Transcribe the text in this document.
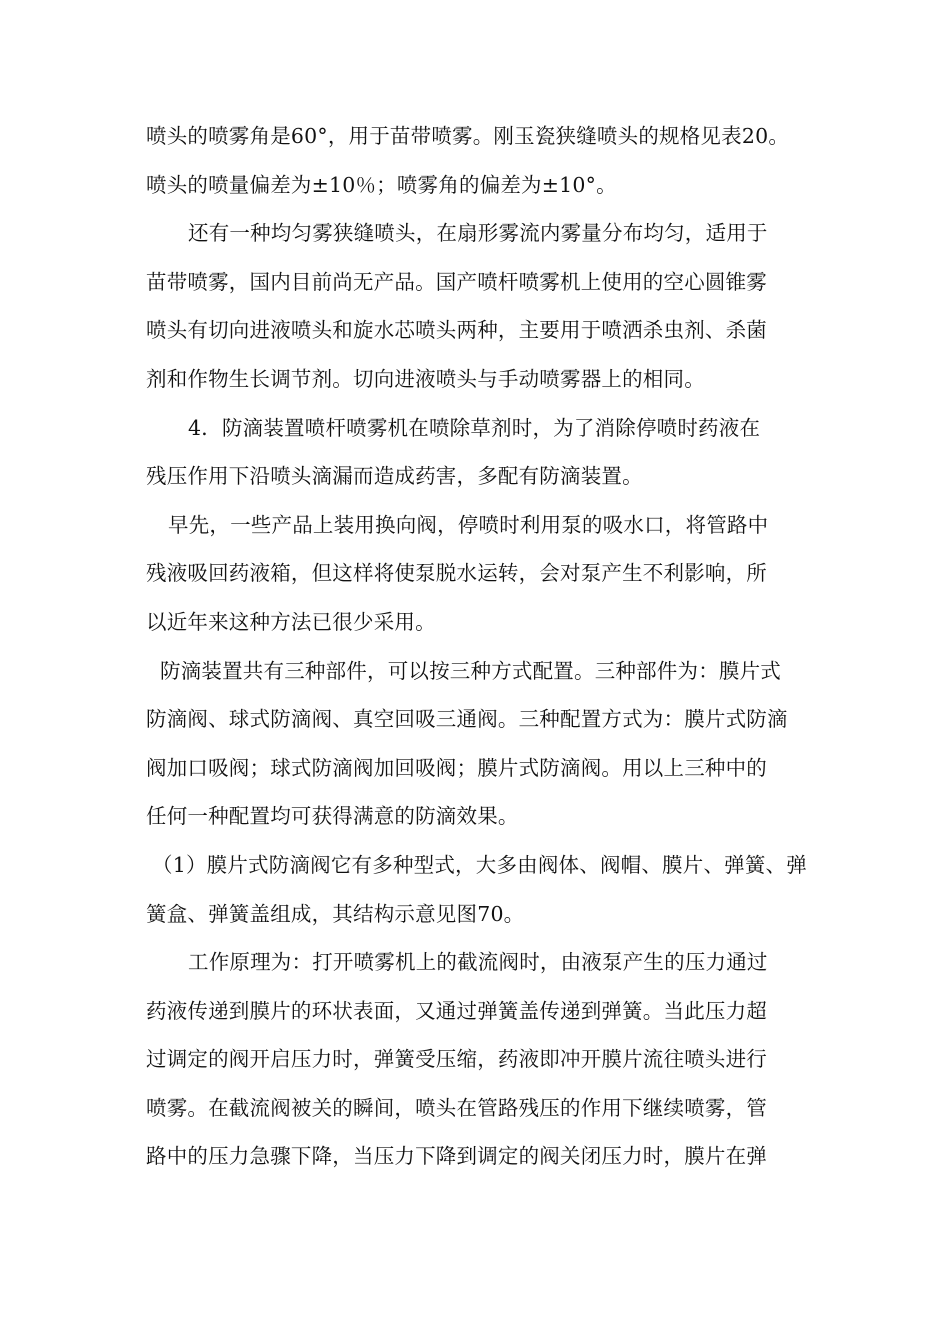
喷头的喷雾角是60°，用于苗带喷雾。刚玉瓷狭缝喷头的规格见表20。
喷头的喷量偏差为±10％；喷雾角的偏差为±10°。
还有一种均匀雾狭缝喷头，在扇形雾流内雾量分布均匀，适用于
苗带喷雾，国内目前尚无产品。国产喷杆喷雾机上使用的空心圆锥雾
喷头有切向进液喷头和旋水芯喷头两种，主要用于喷洒杀虫剂、杀菌
剂和作物生长调节剂。切向进液喷头与手动喷雾器上的相同。
4．防滴装置喷杆喷雾机在喷除草剂时，为了消除停喷时药液在
残压作用下沿喷头滴漏而造成药害，多配有防滴装置。
早先，一些产品上装用换向阀，停喷时利用泵的吸水口，将管路中
残液吸回药液箱，但这样将使泵脱水运转，会对泵产生不利影响，所
以近年来这种方法已很少采用。
防滴装置共有三种部件，可以按三种方式配置。三种部件为：膜片式
防滴阀、球式防滴阀、真空回吸三通阀。三种配置方式为：膜片式防滴
阀加口吸阀；球式防滴阀加回吸阀；膜片式防滴阀。用以上三种中的
任何一种配置均可获得满意的防滴效果。
（1）膜片式防滴阀它有多种型式，大多由阀体、阀帽、膜片、弹簧、弹
簧盒、弹簧盖组成，其结构示意见图70。
工作原理为：打开喷雾机上的截流阀时，由液泵产生的压力通过
药液传递到膜片的环状表面，又通过弹簧盖传递到弹簧。当此压力超
过调定的阀开启压力时，弹簧受压缩，药液即冲开膜片流往喷头进行
喷雾。在截流阀被关的瞬间，喷头在管路残压的作用下继续喷雾，管
路中的压力急骤下降，当压力下降到调定的阀关闭压力时，膜片在弹
